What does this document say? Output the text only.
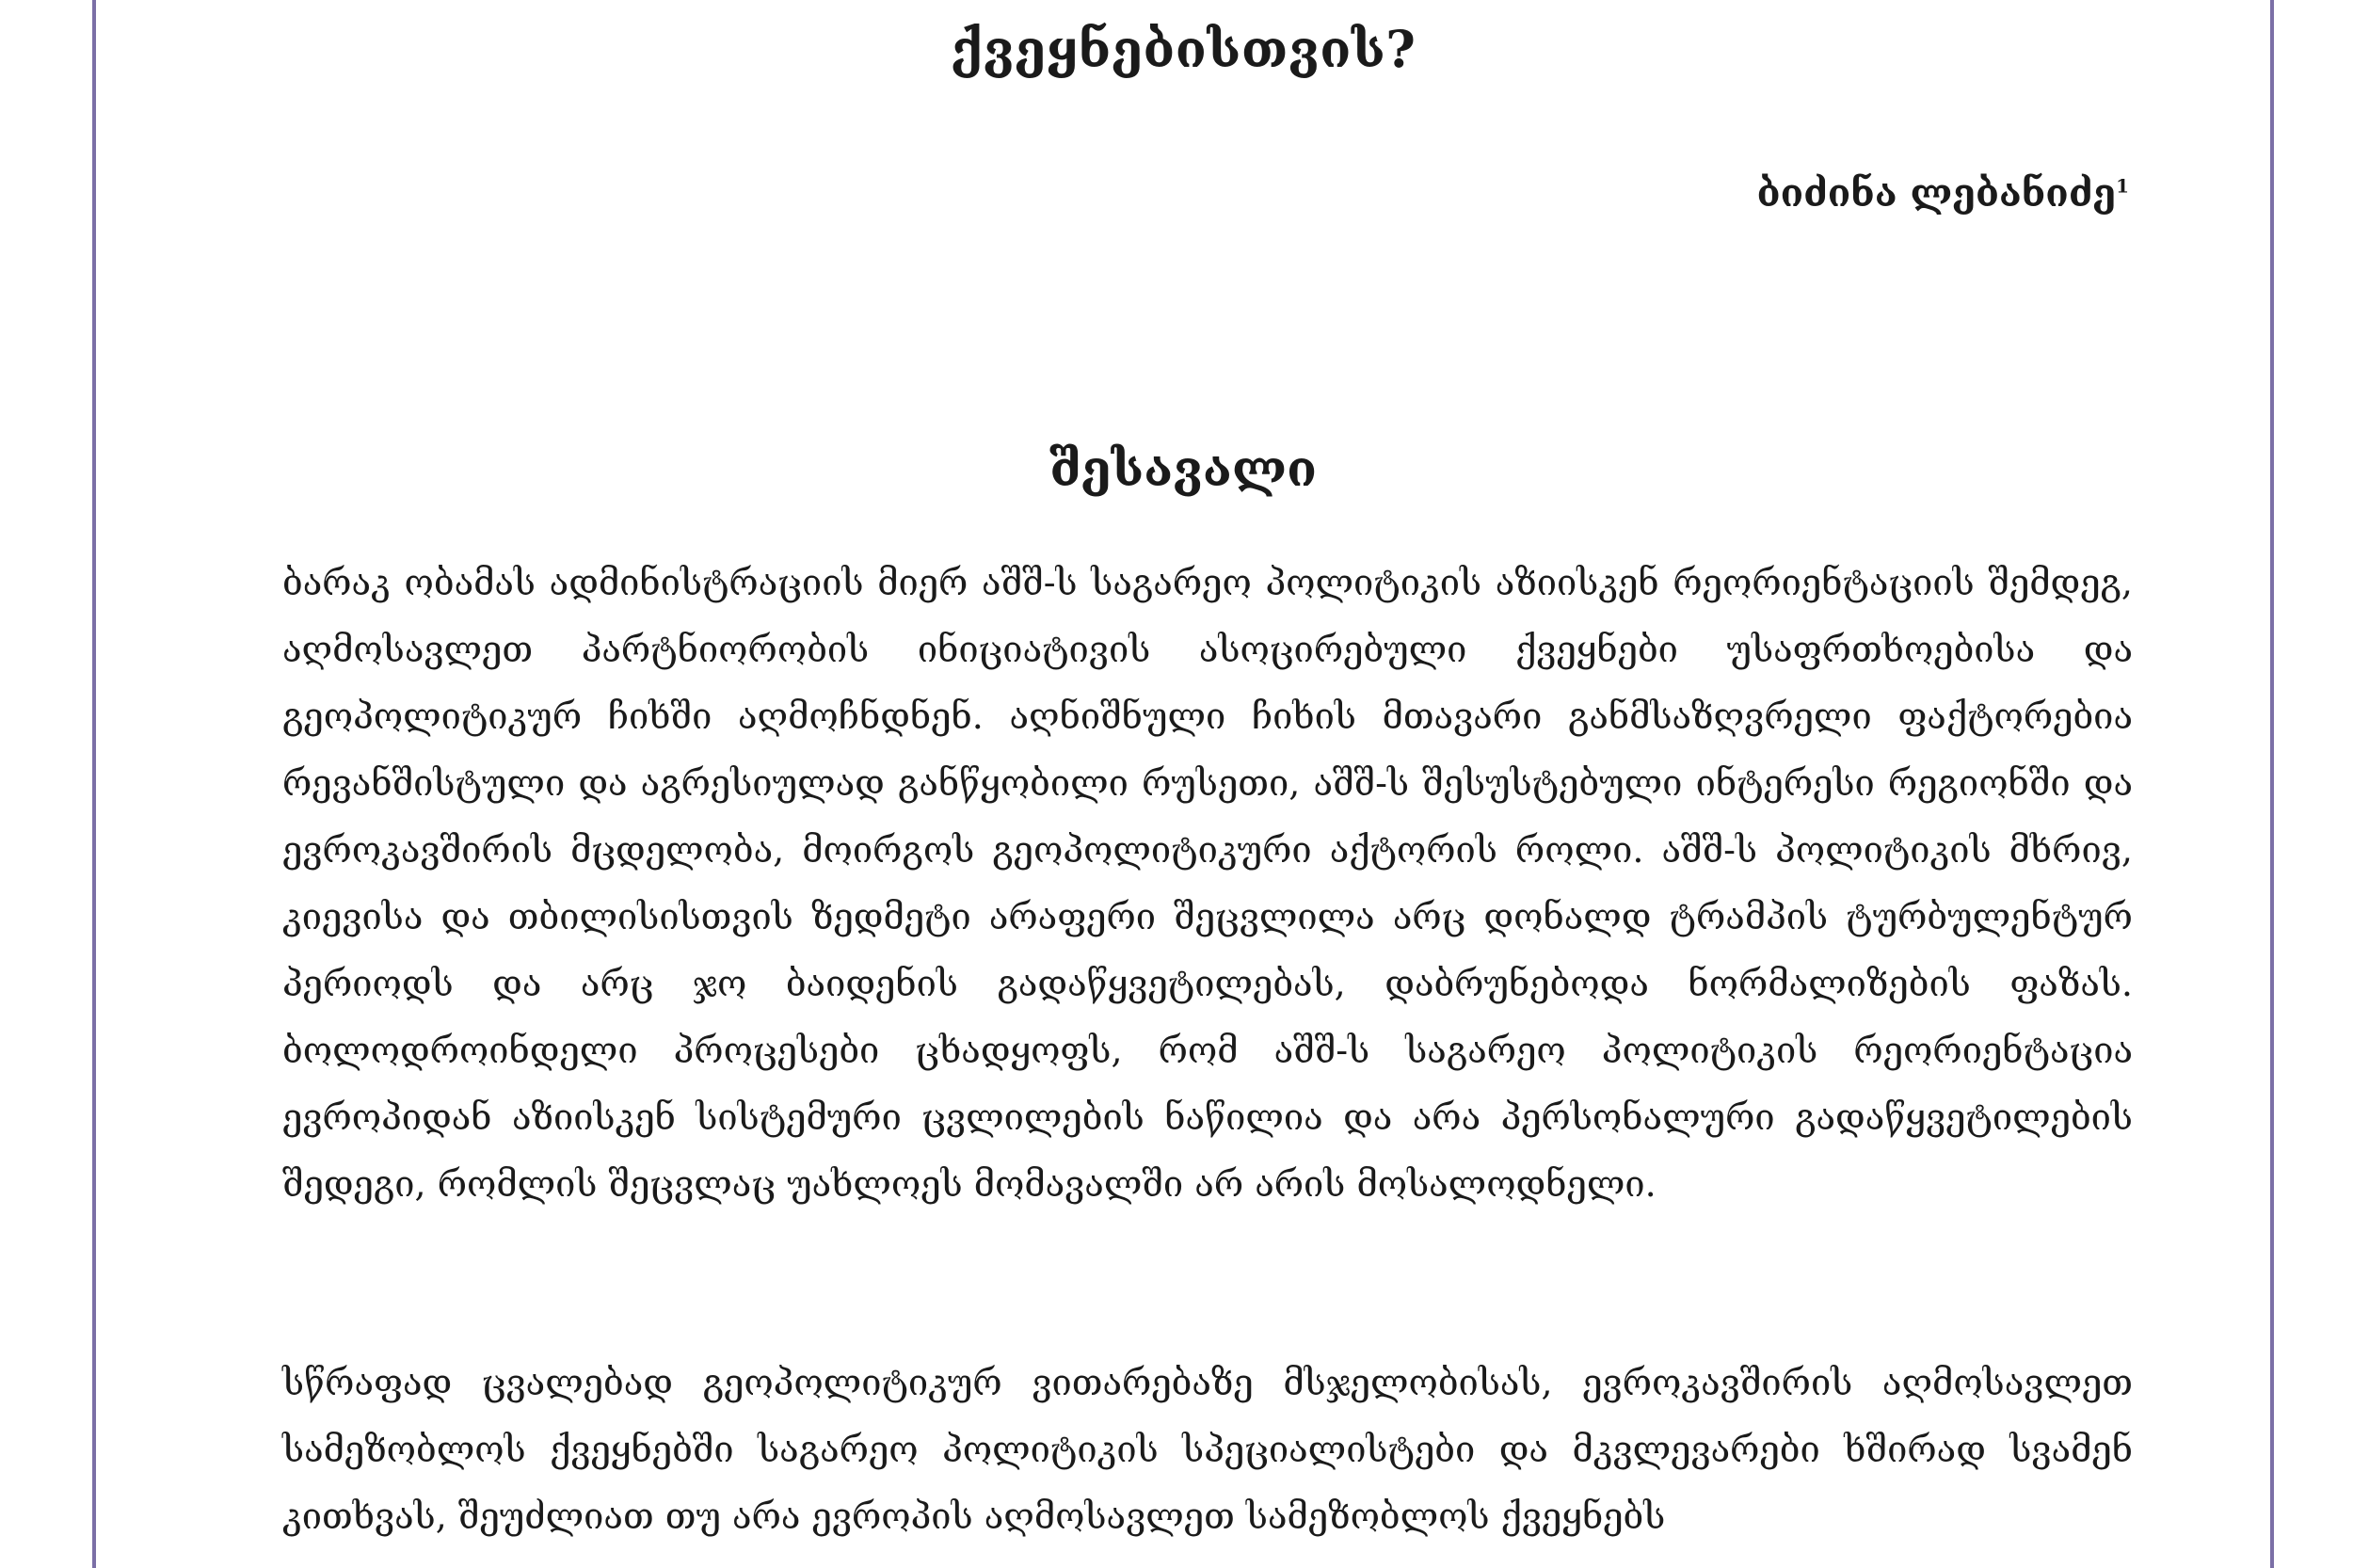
ქვეყნებისთვის?
ბიძინა ლებანიძე$^1$
შესავალი

ბარაკ ობამას ადმინისტრაციის მიერ აშშ-ს საგარეო პოლიტიკის აზიისკენ რეორიენტაციის შემდეგ, აღმოსავლეთ პარტნიორობის ინიციატივის ასოცირებული ქვეყნები უსაფრთხოებისა და გეოპოლიტიკურ ჩიხში აღმოჩნდნენ. აღნიშნული ჩიხის მთავარი განმსაზღვრელი ფაქტორებია რევანშისტული და აგრესიულად განწყობილი რუსეთი, აშშ-ს შესუსტებული ინტერესი რეგიონში და ევროკავშირის მცდელობა, მოირგოს გეოპოლიტიკური აქტორის როლი. აშშ-ს პოლიტიკის მხრივ, კიევისა და თბილისისთვის ზედმეტი არაფერი შეცვლილა არც დონალდ ტრამპის ტურბულენტურ პერიოდს და არც ჯო ბაიდენის გადაწყვეტილებას, დაბრუნებოდა ნორმალიზების ფაზას. ბოლოდროინდელი პროცესები ცხადყოფს, რომ აშშ-ს საგარეო პოლიტიკის რეორიენტაცია ევროპიდან აზიისკენ სისტემური ცვლილების ნაწილია და არა პერსონალური გადაწყვეტილების შედეგი, რომლის შეცვლაც უახლოეს მომავალში არ არის მოსალოდნელი.

სწრაფად ცვალებად გეოპოლიტიკურ ვითარებაზე მსჯელობისას, ევროკავშირის აღმოსავლეთ სამეზობლოს ქვეყნებში საგარეო პოლიტიკის სპეციალისტები და მკვლევარები ხშირად სვამენ კითხვას, შეუძლიათ თუ არა ევროპის აღმოსავლეთ სამეზობლოს ქვეყნებს
